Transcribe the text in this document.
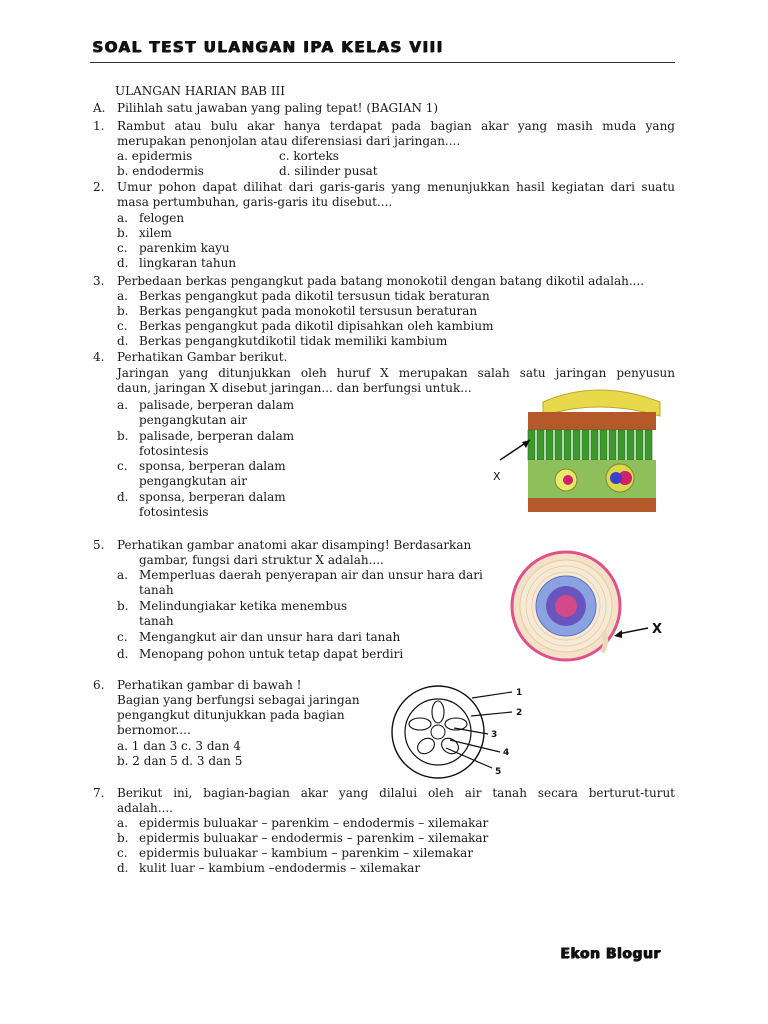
SOAL TEST ULANGAN IPA KELAS VIII
ULANGAN HARIAN BAB III
A. Pilihlah satu jawaban yang paling tepat! (BAGIAN 1)
1. Rambut atau bulu akar hanya terdapat pada bagian akar yang masih muda yang
merupakan penonjolan atau diferensiasi dari jaringan....
a. epidermis	c. korteks
b. endodermis	d. silinder pusat
2. Umur pohon dapat dilihat dari garis-garis yang menunjukkan hasil kegiatan dari suatu
masa pertumbuhan, garis-garis itu disebut....
a. felogen
b. xilem
c. parenkim kayu
d. lingkaran tahun
3. Perbedaan berkas pengangkut pada batang monokotil dengan batang dikotil adalah....
a. Berkas pengangkut pada dikotil tersusun tidak beraturan
b. Berkas pengangkut pada monokotil tersusun beraturan
c. Berkas pengangkut pada dikotil dipisahkan oleh kambium
d. Berkas pengangkutdikotil tidak memiliki kambium
4. Perhatikan Gambar berikut.
Jaringan yang ditunjukkan oleh huruf X merupakan salah satu jaringan penyusun
daun, jaringan X disebut jaringan... dan berfungsi untuk...
a. palisade, berperan dalam
pengangkutan air
b. palisade, berperan dalam
fotosintesis
c. sponsa, berperan dalam
pengangkutan air
d. sponsa, berperan dalam
fotosintesis
X
5. Perhatikan gambar anatomi akar disamping! Berdasarkan
gambar, fungsi dari struktur X adalah....
a. Memperluas daerah penyerapan air dan unsur hara dari
tanah
b. Melindungiakar ketika menembus
tanah
c. Mengangkut air dan unsur hara dari tanah
d. Menopang pohon untuk tetap dapat berdiri
X
6. Perhatikan gambar di bawah !
Bagian yang berfungsi sebagai jaringan
pengangkut ditunjukkan pada bagian
bernomor....
a. 1 dan 3 c. 3 dan 4
b. 2 dan 5 d. 3 dan 5
1
2
3
4
5
7. Berikut ini, bagian-bagian akar yang dilalui oleh air tanah secara berturut-turut
adalah....
a. epidermis buluakar – parenkim – endodermis – xilemakar
b. epidermis buluakar – endodermis – parenkim – xilemakar
c. epidermis buluakar – kambium – parenkim – xilemakar
d. kulit luar – kambium –endodermis – xilemakar
Ekon Blogur
